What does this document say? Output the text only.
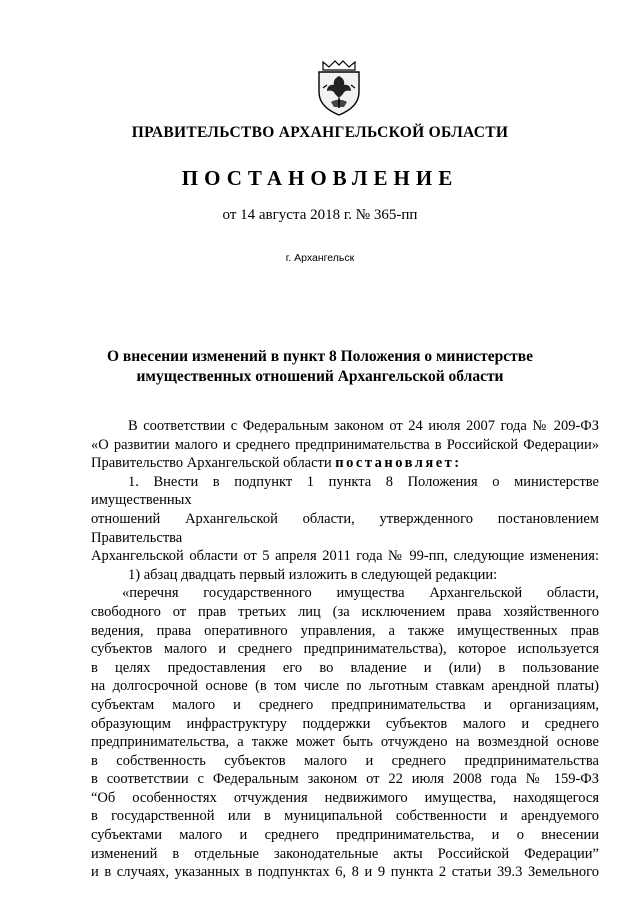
ПРАВИТЕЛЬСТВО АРХАНГЕЛЬСКОЙ ОБЛАСТИ
ПОСТАНОВЛЕНИЕ
от 14 августа 2018 г. № 365-пп
г. Архангельск
О внесении изменений в пункт 8 Положения о министерстве
имущественных отношений Архангельской области

В соответствии с Федеральным законом от 24 июля 2007 года № 209-ФЗ

«О развитии малого и среднего предпринимательства в Российской Федерации»

Правительство Архангельской области постановляет:

1. Внести в подпункт 1 пункта 8 Положения о министерстве имущественных

отношений Архангельской области, утвержденного постановлением Правительства

Архангельской области от 5 апреля 2011 года № 99-пп, следующие изменения:

1) абзац двадцать первый изложить в следующей редакции:

«перечня государственного имущества Архангельской области,

свободного от прав третьих лиц (за исключением права хозяйственного

ведения, права оперативного управления, а также имущественных прав

субъектов малого и среднего предпринимательства), которое используется

в целях предоставления его во владение и (или) в пользование

на долгосрочной основе (в том числе по льготным ставкам арендной платы)

субъектам малого и среднего предпринимательства и организациям,

образующим инфраструктуру поддержки субъектов малого и среднего

предпринимательства, а также может быть отчуждено на возмездной основе

в собственность субъектов малого и среднего предпринимательства

в соответствии с Федеральным законом от 22 июля 2008 года № 159-ФЗ

“Об особенностях отчуждения недвижимого имущества, находящегося

в государственной или в муниципальной собственности и арендуемого

субъектами малого и среднего предпринимательства, и о внесении

изменений в отдельные законодательные акты Российской Федерации”

и в случаях, указанных в подпунктах 6, 8 и 9 пункта 2 статьи 39.3 Земельного
